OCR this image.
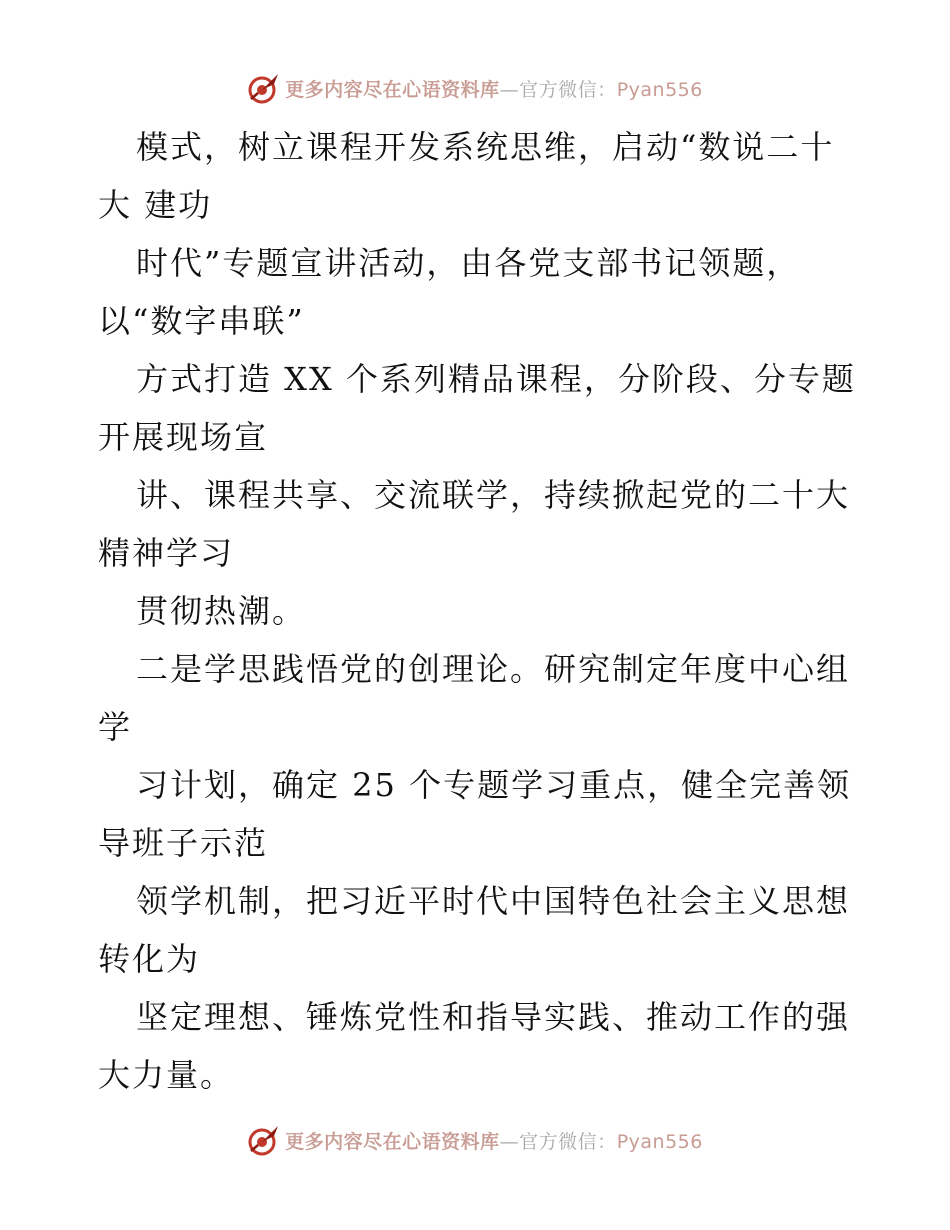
更多内容尽在心语资料库—官方微信：Pyan556
模式，树立课程开发系统思维，启动“数说二十
大 建功
时代”专题宣讲活动，由各党支部书记领题，
以“数字串联”
方式打造 XX 个系列精品课程，分阶段、分专题
开展现场宣
讲、课程共享、交流联学，持续掀起党的二十大
精神学习
贯彻热潮。
二是学思践悟党的创理论。研究制定年度中心组
学
习计划，确定 25 个专题学习重点，健全完善领
导班子示范
领学机制，把习近平时代中国特色社会主义思想
转化为
坚定理想、锤炼党性和指导实践、推动工作的强
大力量。
更多内容尽在心语资料库—官方微信：Pyan556
